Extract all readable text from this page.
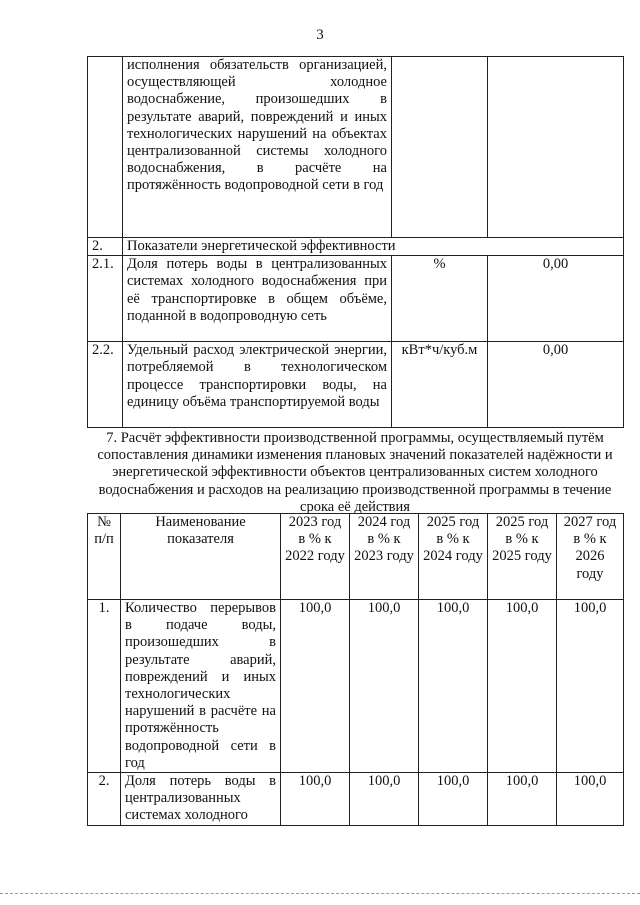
3
	исполнения обязательств организацией, осуществляющей холодное водоснабжение, произошедших в результате аварий, повреждений и иных технологических нарушений на объектах централизованной системы холодного водоснабжения, в расчёте на протяжённость водопроводной сети в год		
2.	Показатели энергетической эффективности		
2.1.	Доля потерь воды в централизованных системах холодного водоснабжения при её транспортировке в общем объёме, поданной в водопроводную сеть	%	0,00
2.2.	Удельный расход электрической энергии, потребляемой в технологическом процессе транспортировки воды, на единицу объёма транспортируемой воды	кВт*ч/куб.м	0,00
7. Расчёт эффективности производственной программы, осуществляемый путём сопоставления динамики изменения плановых значений показателей надёжности и энергетической эффективности объектов централизованных систем холодного водоснабжения и расходов на реализацию производственной программы в течение срока её действия
№ п/п	Наименование показателя	2023 год в % к 2022 году	2024 год в % к 2023 году	2025 год в % к 2024 году	2025 год в % к 2025 году	2027 год в % к 2026 году
1.	Количество перерывов в подаче воды, произошедших в результате аварий, повреждений и иных технологических нарушений в расчёте на протяжённость водопроводной сети в год	100,0	100,0	100,0	100,0	100,0
2.	Доля потерь воды в централизованных системах холодного	100,0	100,0	100,0	100,0	100,0
